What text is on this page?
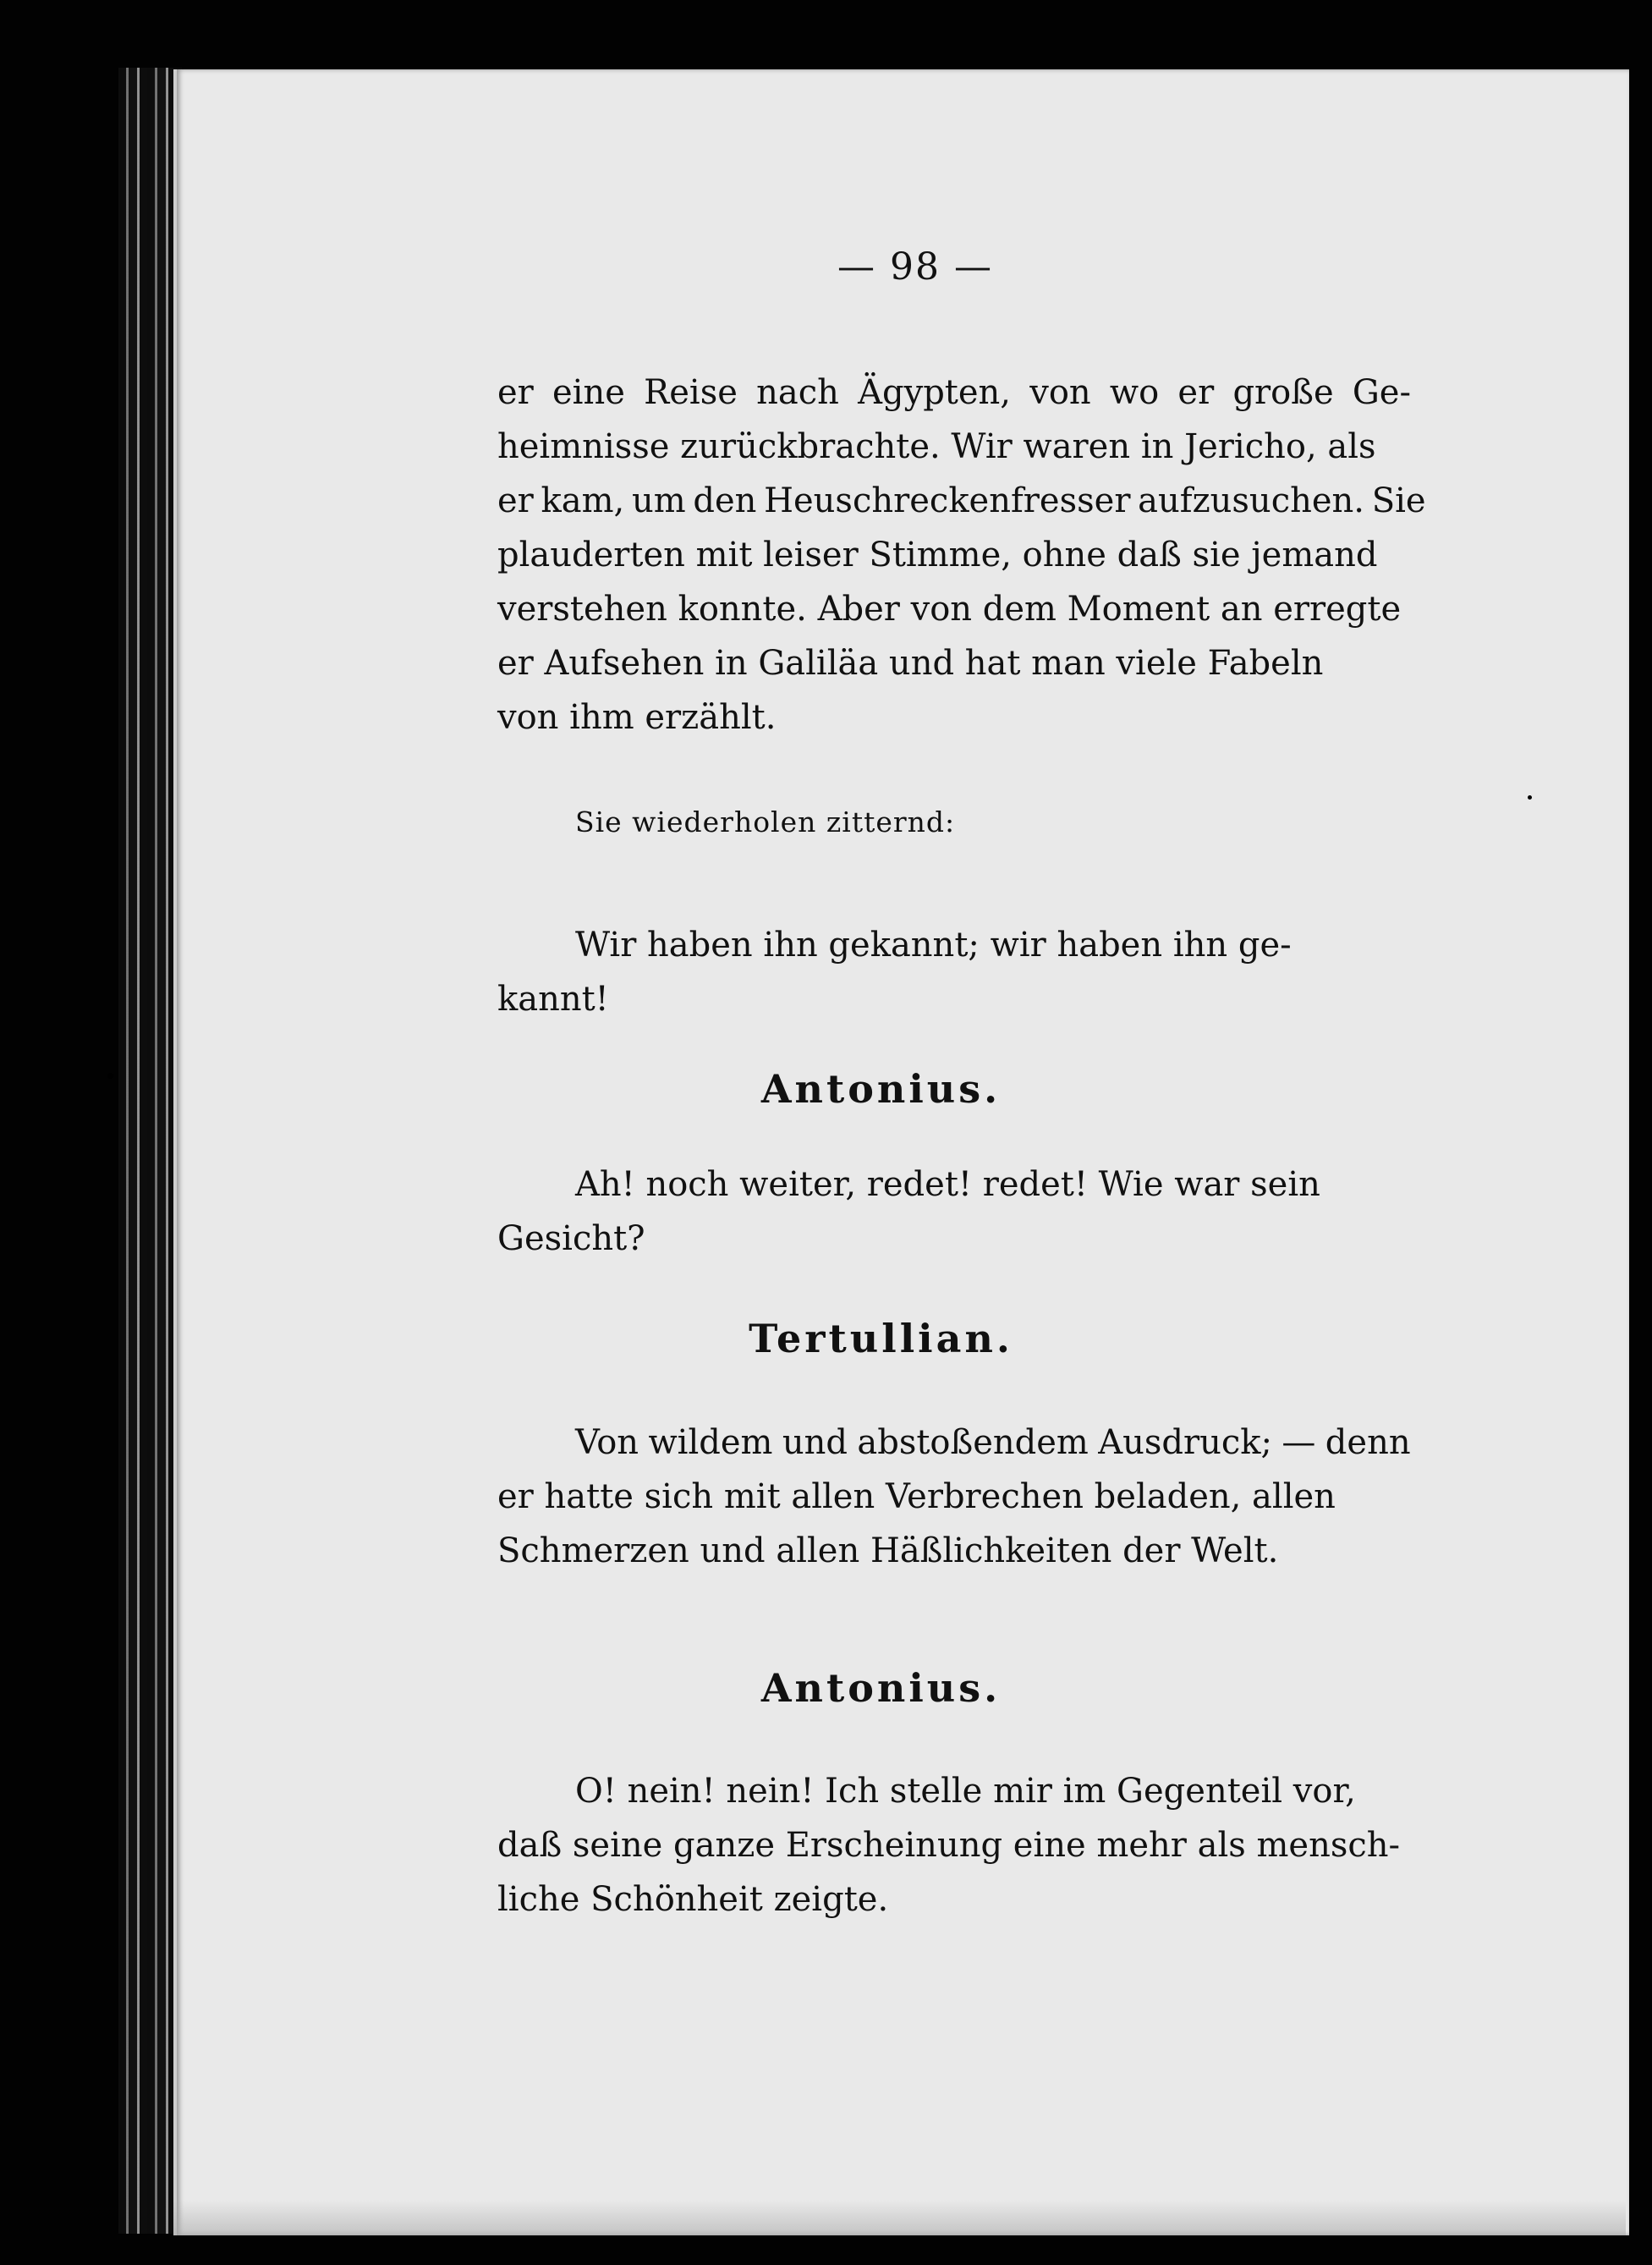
— 98 —

er eine Reise nach Ägypten, von wo er große Ge-
heimnisse zurückbrachte. Wir waren in Jericho, als
er kam, um den Heuschreckenfresser aufzusuchen. Sie
plauderten mit leiser Stimme, ohne daß sie jemand
verstehen konnte. Aber von dem Moment an erregte
er Aufsehen in Galiläa und hat man viele Fabeln
von ihm erzählt.

Sie wiederholen zitternd:

Wir haben ihn gekannt; wir haben ihn ge-
kannt!

Antonius.

Ah! noch weiter, redet! redet! Wie war sein
Gesicht?

Tertullian.

Von wildem und abstoßendem Ausdruck; — denn
er hatte sich mit allen Verbrechen beladen, allen
Schmerzen und allen Häßlichkeiten der Welt.

Antonius.

O! nein! nein! Ich stelle mir im Gegenteil vor,
daß seine ganze Erscheinung eine mehr als mensch-
liche Schönheit zeigte.
